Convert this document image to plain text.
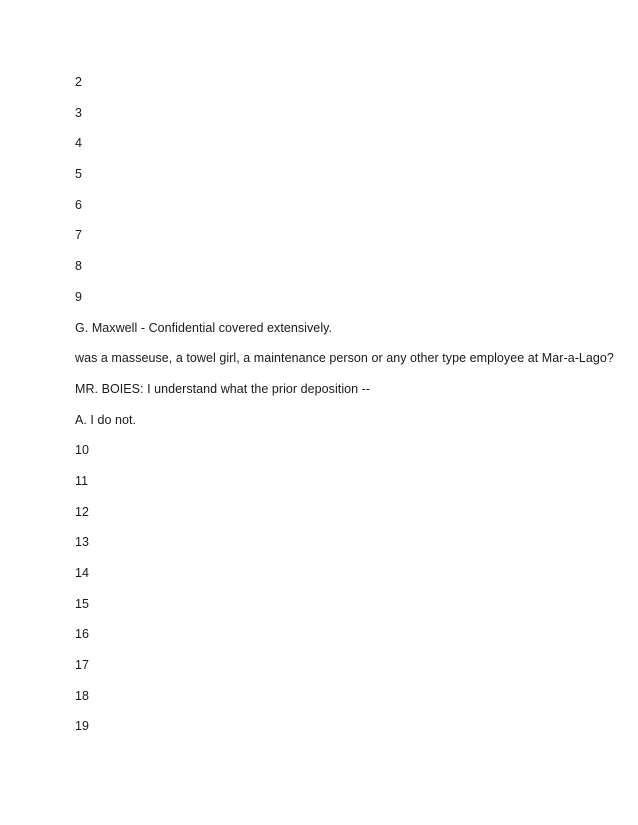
2
3
4
5
6
7
8
9
G. Maxwell - Confidential covered extensively.
was a masseuse, a towel girl, a maintenance person or any other type employee at Mar-a-Lago?
MR. BOIES: I understand what the prior deposition --
A. I do not.
10
11
12
13
14
15
16
17
18
19
